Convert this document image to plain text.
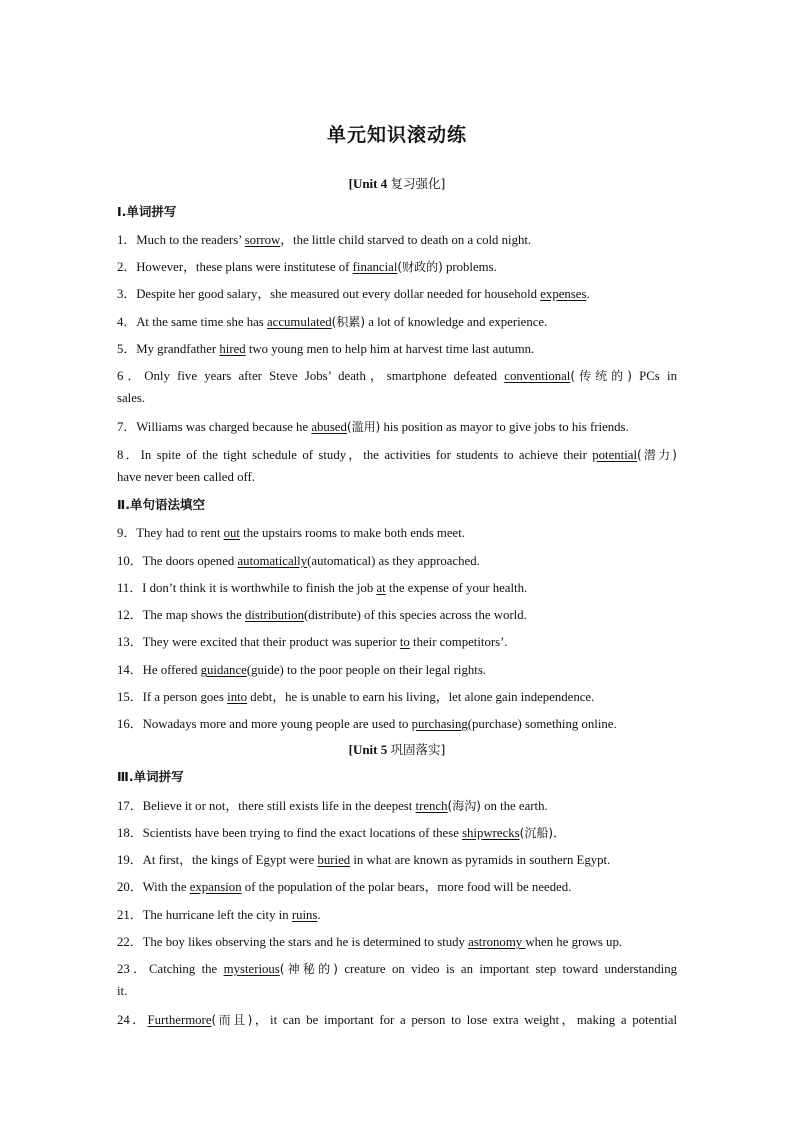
单元知识滚动练
[Unit 4 复习强化]
Ⅰ.单词拼写
1．Much to the readers’ sorrow，the little child starved to death on a cold night.
2．However，these plans were institutese of financial(财政的) problems.
3．Despite her good salary，she measured out every dollar needed for household expenses.
4．At the same time she has accumulated(积累) a lot of knowledge and experience.
5．My grandfather hired two young men to help him at harvest time last autumn.
6．Only five years after Steve Jobs’ death，smartphone defeated conventional(传统的) PCs in
sales.
7．Williams was charged because he abused(滥用) his position as mayor to give jobs to his friends.
8．In spite of the tight schedule of study，the activities for students to achieve their potential(潜力)
have never been called off.
9．They had to rent out the upstairs rooms to make both ends meet.
10．The doors opened automatically(automatical) as they approached.
11．I don’t think it is worthwhile to finish the job at the expense of your health.
12．The map shows the distribution(distribute) of this species across the world.
13．They were excited that their product was superior to their competitors’.
14．He offered guidance(guide) to the poor people on their legal rights.
15．If a person goes into debt，he is unable to earn his living，let alone gain independence.
16．Nowadays more and more young people are used to purchasing(purchase) something online.
17．Believe it or not，there still exists life in the deepest trench(海沟) on the earth.
18．Scientists have been trying to find the exact locations of these shipwrecks(沉船)．
19．At first，the kings of Egypt were buried in what are known as pyramids in southern Egypt.
20．With the expansion of the population of the polar bears，more food will be needed.
21．The hurricane left the city in ruins.
22．The boy likes observing the stars and he is determined to study astronomy when he grows up.
23．Catching the mysterious(神秘的) creature on video is an important step toward understanding
it.
24．Furthermore(而且)，it can be important for a person to lose extra weight，making a potential
Ⅱ.单句语法填空
[Unit 5 巩固落实]
Ⅲ.单词拼写
